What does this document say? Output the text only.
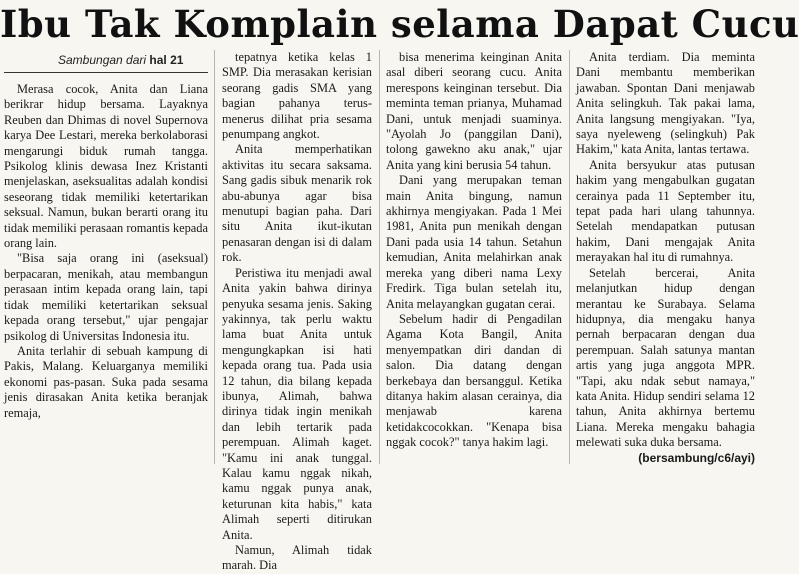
Ibu Tak Komplain selama Dapat Cucu
Sambungan dari hal 21

Merasa cocok, Anita dan Liana berikrar hidup bersama. Layaknya Reuben dan Dhimas di novel Supernova karya Dee Lestari, mereka berkolaborasi mengarungi biduk rumah tangga. Psikolog klinis dewasa Inez Kristanti menjelaskan, aseksualitas adalah kondisi seseorang tidak memiliki ketertarikan seksual. Namun, bukan berarti orang itu tidak memiliki perasaan romantis kepada orang lain.

"Bisa saja orang ini (aseksual) berpacaran, menikah, atau membangun perasaan intim kepada orang lain, tapi tidak memiliki ketertarikan seksual kepada orang tersebut," ujar pengajar psikolog di Universitas Indonesia itu.

Anita terlahir di sebuah kampung di Pakis, Malang. Keluarganya memiliki ekonomi pas-pasan. Suka pada sesama jenis dirasakan Anita ketika beranjak remaja,

tepatnya ketika kelas 1 SMP. Dia merasakan kerisian seorang gadis SMA yang bagian pahanya terus-menerus dilihat pria sesama penumpang angkot.

Anita memperhatikan aktivitas itu secara saksama. Sang gadis sibuk menarik rok abu-abunya agar bisa menutupi bagian paha. Dari situ Anita ikut-ikutan penasaran dengan isi di dalam rok.

Peristiwa itu menjadi awal Anita yakin bahwa dirinya penyuka sesama jenis. Saking yakinnya, tak perlu waktu lama buat Anita untuk mengungkapkan isi hati kepada orang tua. Pada usia 12 tahun, dia bilang kepada ibunya, Alimah, bahwa dirinya tidak ingin menikah dan lebih tertarik pada perempuan. Alimah kaget. "Kamu ini anak tunggal. Kalau kamu nggak nikah, kamu nggak punya anak, keturunan kita habis," kata Alimah seperti ditirukan Anita.

Namun, Alimah tidak marah. Dia

bisa menerima keinginan Anita asal diberi seorang cucu. Anita merespons keinginan tersebut. Dia meminta teman prianya, Muhamad Dani, untuk menjadi suaminya. "Ayolah Jo (panggilan Dani), tolong gawekno aku anak," ujar Anita yang kini berusia 54 tahun.

Dani yang merupakan teman main Anita bingung, namun akhirnya mengiyakan. Pada 1 Mei 1981, Anita pun menikah dengan Dani pada usia 14 tahun. Setahun kemudian, Anita melahirkan anak mereka yang diberi nama Lexy Fredirk. Tiga bulan setelah itu, Anita melayangkan gugatan cerai.

Sebelum hadir di Pengadilan Agama Kota Bangil, Anita menyempatkan diri dandan di salon. Dia datang dengan berkebaya dan bersanggul. Ketika ditanya hakim alasan cerainya, dia menjawab karena ketidakcocokkan. "Kenapa bisa nggak cocok?" tanya hakim lagi.

Anita terdiam. Dia meminta Dani membantu memberikan jawaban. Spontan Dani menjawab Anita selingkuh. Tak pakai lama, Anita langsung mengiyakan. "Iya, saya nyeleweng (selingkuh) Pak Hakim," kata Anita, lantas tertawa.

Anita bersyukur atas putusan hakim yang mengabulkan gugatan cerainya pada 11 September itu, tepat pada hari ulang tahunnya. Setelah mendapatkan putusan hakim, Dani mengajak Anita merayakan hal itu di rumahnya.

Setelah bercerai, Anita melanjutkan hidup dengan merantau ke Surabaya. Selama hidupnya, dia mengaku hanya pernah berpacaran dengan dua perempuan. Salah satunya mantan artis yang juga anggota MPR. "Tapi, aku ndak sebut namaya," kata Anita. Hidup sendiri selama 12 tahun, Anita akhirnya bertemu Liana. Mereka mengaku bahagia melewati suka duka bersama.

(bersambung/c6/ayi)
